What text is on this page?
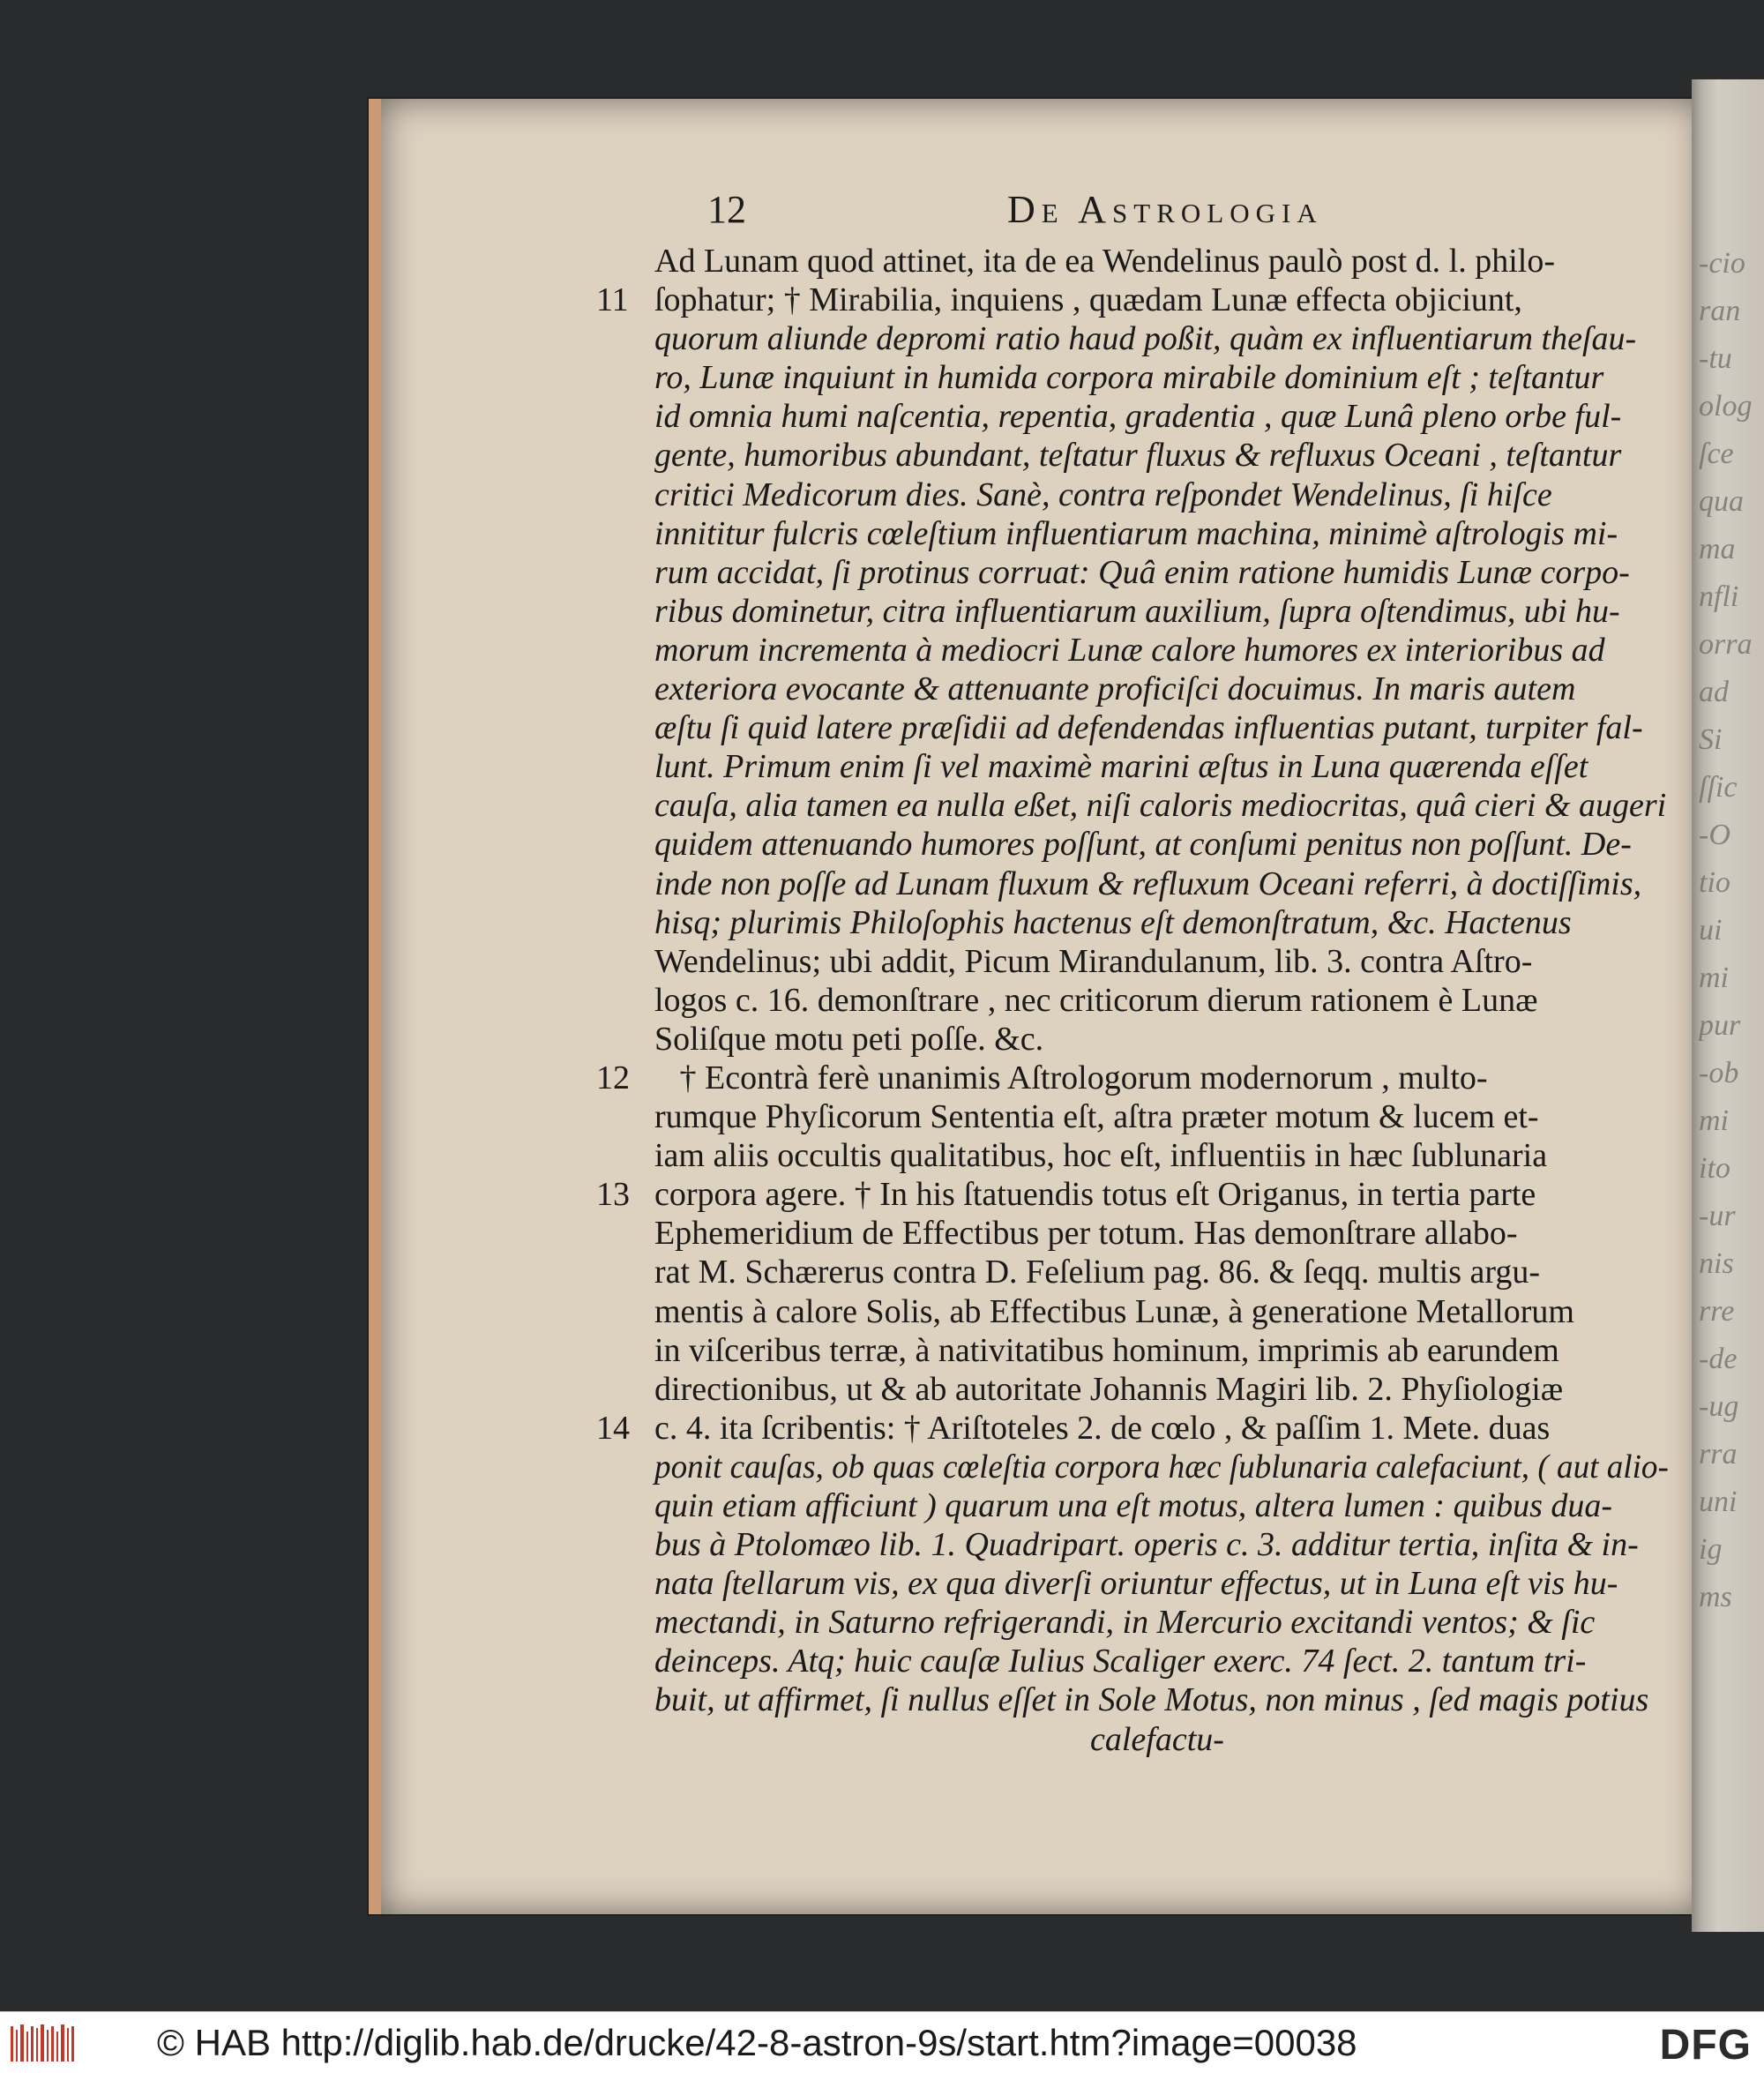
12	De Astrologia
Ad Lunam quod attinet, ita de ea Wendelinus paulò post d. l. philo-
11 ſophatur; † Mirabilia, inquiens , quædam Lunæ effecta objiciunt,
quorum aliunde depromi ratio haud poßit, quàm ex influentiarum theſau-
ro, Lunæ inquiunt in humida corpora mirabile dominium eſt ; teſtantur
id omnia humi naſcentia, repentia, gradentia , quæ Lunâ pleno orbe ful-
gente, humoribus abundant, teſtatur fluxus & refluxus Oceani , teſtantur
critici Medicorum dies. Sanè, contra reſpondet Wendelinus, ſi hiſce
innititur fulcris cœleſtium influentiarum machina, minimè aſtrologis mi-
rum accidat, ſi protinus corruat: Quâ enim ratione humidis Lunæ corpo-
ribus dominetur, citra influentiarum auxilium, ſupra oſtendimus, ubi hu-
morum incrementa à mediocri Lunæ calore humores ex interioribus ad
exteriora evocante & attenuante proficiſci docuimus. In maris autem
æſtu ſi quid latere præſidii ad defendendas influentias putant, turpiter fal-
lunt. Primum enim ſi vel maximè marini æſtus in Luna quærenda eſſet
cauſa, alia tamen ea nulla eßet, niſi caloris mediocritas, quâ cieri & augeri
quidem attenuando humores poſſunt, at conſumi penitus non poſſunt. De-
inde non poſſe ad Lunam fluxum & refluxum Oceani referri, à doctiſſimis,
hisq; plurimis Philoſophis hactenus eſt demonſtratum, &c. Hactenus
Wendelinus; ubi addit, Picum Mirandulanum, lib. 3. contra Aſtro-
logos c. 16. demonſtrare , nec criticorum dierum rationem è Lunæ
Soliſque motu peti poſſe. &c.
12 † Econtrà ferè unanimis Aſtrologorum modernorum , multo-
rumque Phyſicorum Sententia eſt, aſtra præter motum & lucem et-
iam aliis occultis qualitatibus, hoc eſt, influentiis in hæc ſublunaria
13 corpora agere. † In his ſtatuendis totus eſt Origanus, in tertia parte
Ephemeridium de Effectibus per totum. Has demonſtrare allabo-
rat M. Schærerus contra D. Feſelium pag. 86. & ſeqq. multis argu-
mentis à calore Solis, ab Effectibus Lunæ, à generatione Metallorum
in viſceribus terræ, à nativitatibus hominum, imprimis ab earundem
directionibus, ut & ab autoritate Johannis Magiri lib. 2. Phyſiologiæ
14 c. 4. ita ſcribentis: † Ariſtoteles 2. de cœlo , & paſſim 1. Mete. duas
ponit cauſas, ob quas cœleſtia corpora hæc ſublunaria calefaciunt, ( aut alio-
quin etiam afficiunt ) quarum una eſt motus, altera lumen : quibus dua-
bus à Ptolomæo lib. 1. Quadripart. operis c. 3. additur tertia, inſita & in-
nata ſtellarum vis, ex qua diverſi oriuntur effectus, ut in Luna eſt vis hu-
mectandi, in Saturno refrigerandi, in Mercurio excitandi ventos; & ſic
deinceps. Atq; huic cauſæ Iulius Scaliger exerc. 74 ſect. 2. tantum tri-
buit, ut affirmet, ſi nullus eſſet in Sole Motus, non minus , ſed magis potius
calefactu-
-cio
ran
-tu
olog
ſce
qua
ma
nfli
orra
ad
Si
ſſic
-O
tio
ui
mi
pur
-ob
mi
ito
-ur
nis
rre
-de
-ug
rra
uni
ig
ms
© HAB http://diglib.hab.de/drucke/42-8-astron-9s/start.htm?image=00038	DFG
